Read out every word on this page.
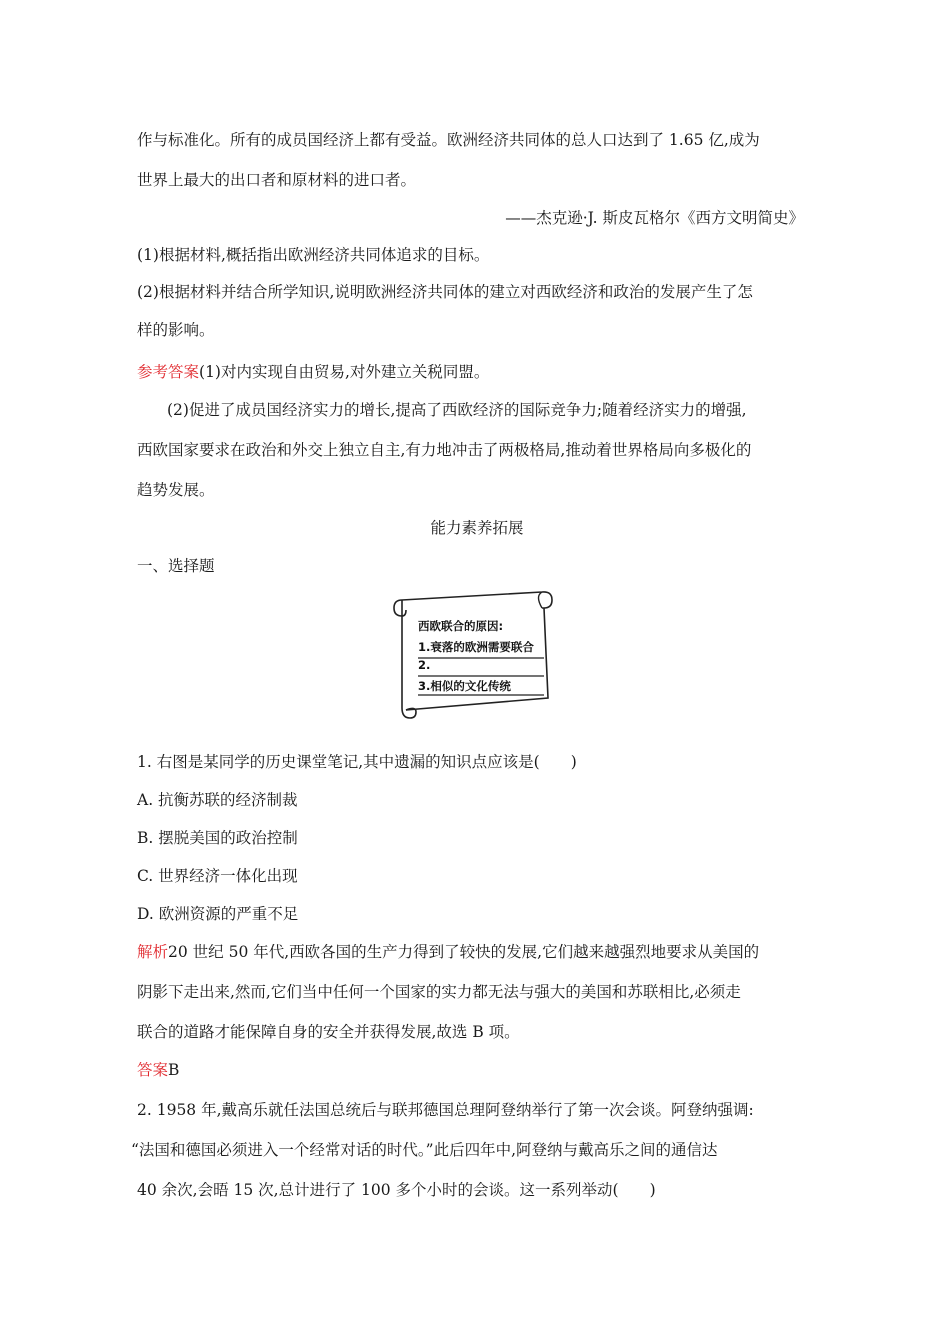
作与标准化。所有的成员国经济上都有受益。欧洲经济共同体的总人口达到了 1.65 亿,成为
世界上最大的出口者和原材料的进口者。
——杰克逊·J. 斯皮瓦格尔《西方文明简史》
(1)根据材料,概括指出欧洲经济共同体追求的目标。
(2)根据材料并结合所学知识,说明欧洲经济共同体的建立对西欧经济和政治的发展产生了怎
样的影响。
参考答案(1)对内实现自由贸易,对外建立关税同盟。
(2)促进了成员国经济实力的增长,提高了西欧经济的国际竞争力;随着经济实力的增强,
西欧国家要求在政治和外交上独立自主,有力地冲击了两极格局,推动着世界格局向多极化的
趋势发展。
能力素养拓展
一、选择题
西欧联合的原因:
1.衰落的欧洲需要联合
2.
3.相似的文化传统
1. 右图是某同学的历史课堂笔记,其中遗漏的知识点应该是(　　)
A. 抗衡苏联的经济制裁
B. 摆脱美国的政治控制
C. 世界经济一体化出现
D. 欧洲资源的严重不足
解析20 世纪 50 年代,西欧各国的生产力得到了较快的发展,它们越来越强烈地要求从美国的
阴影下走出来,然而,它们当中任何一个国家的实力都无法与强大的美国和苏联相比,必须走
联合的道路才能保障自身的安全并获得发展,故选 B 项。
答案B
2. 1958 年,戴高乐就任法国总统后与联邦德国总理阿登纳举行了第一次会谈。阿登纳强调:
“法国和德国必须进入一个经常对话的时代。”此后四年中,阿登纳与戴高乐之间的通信达
40 余次,会晤 15 次,总计进行了 100 多个小时的会谈。这一系列举动(　　)
